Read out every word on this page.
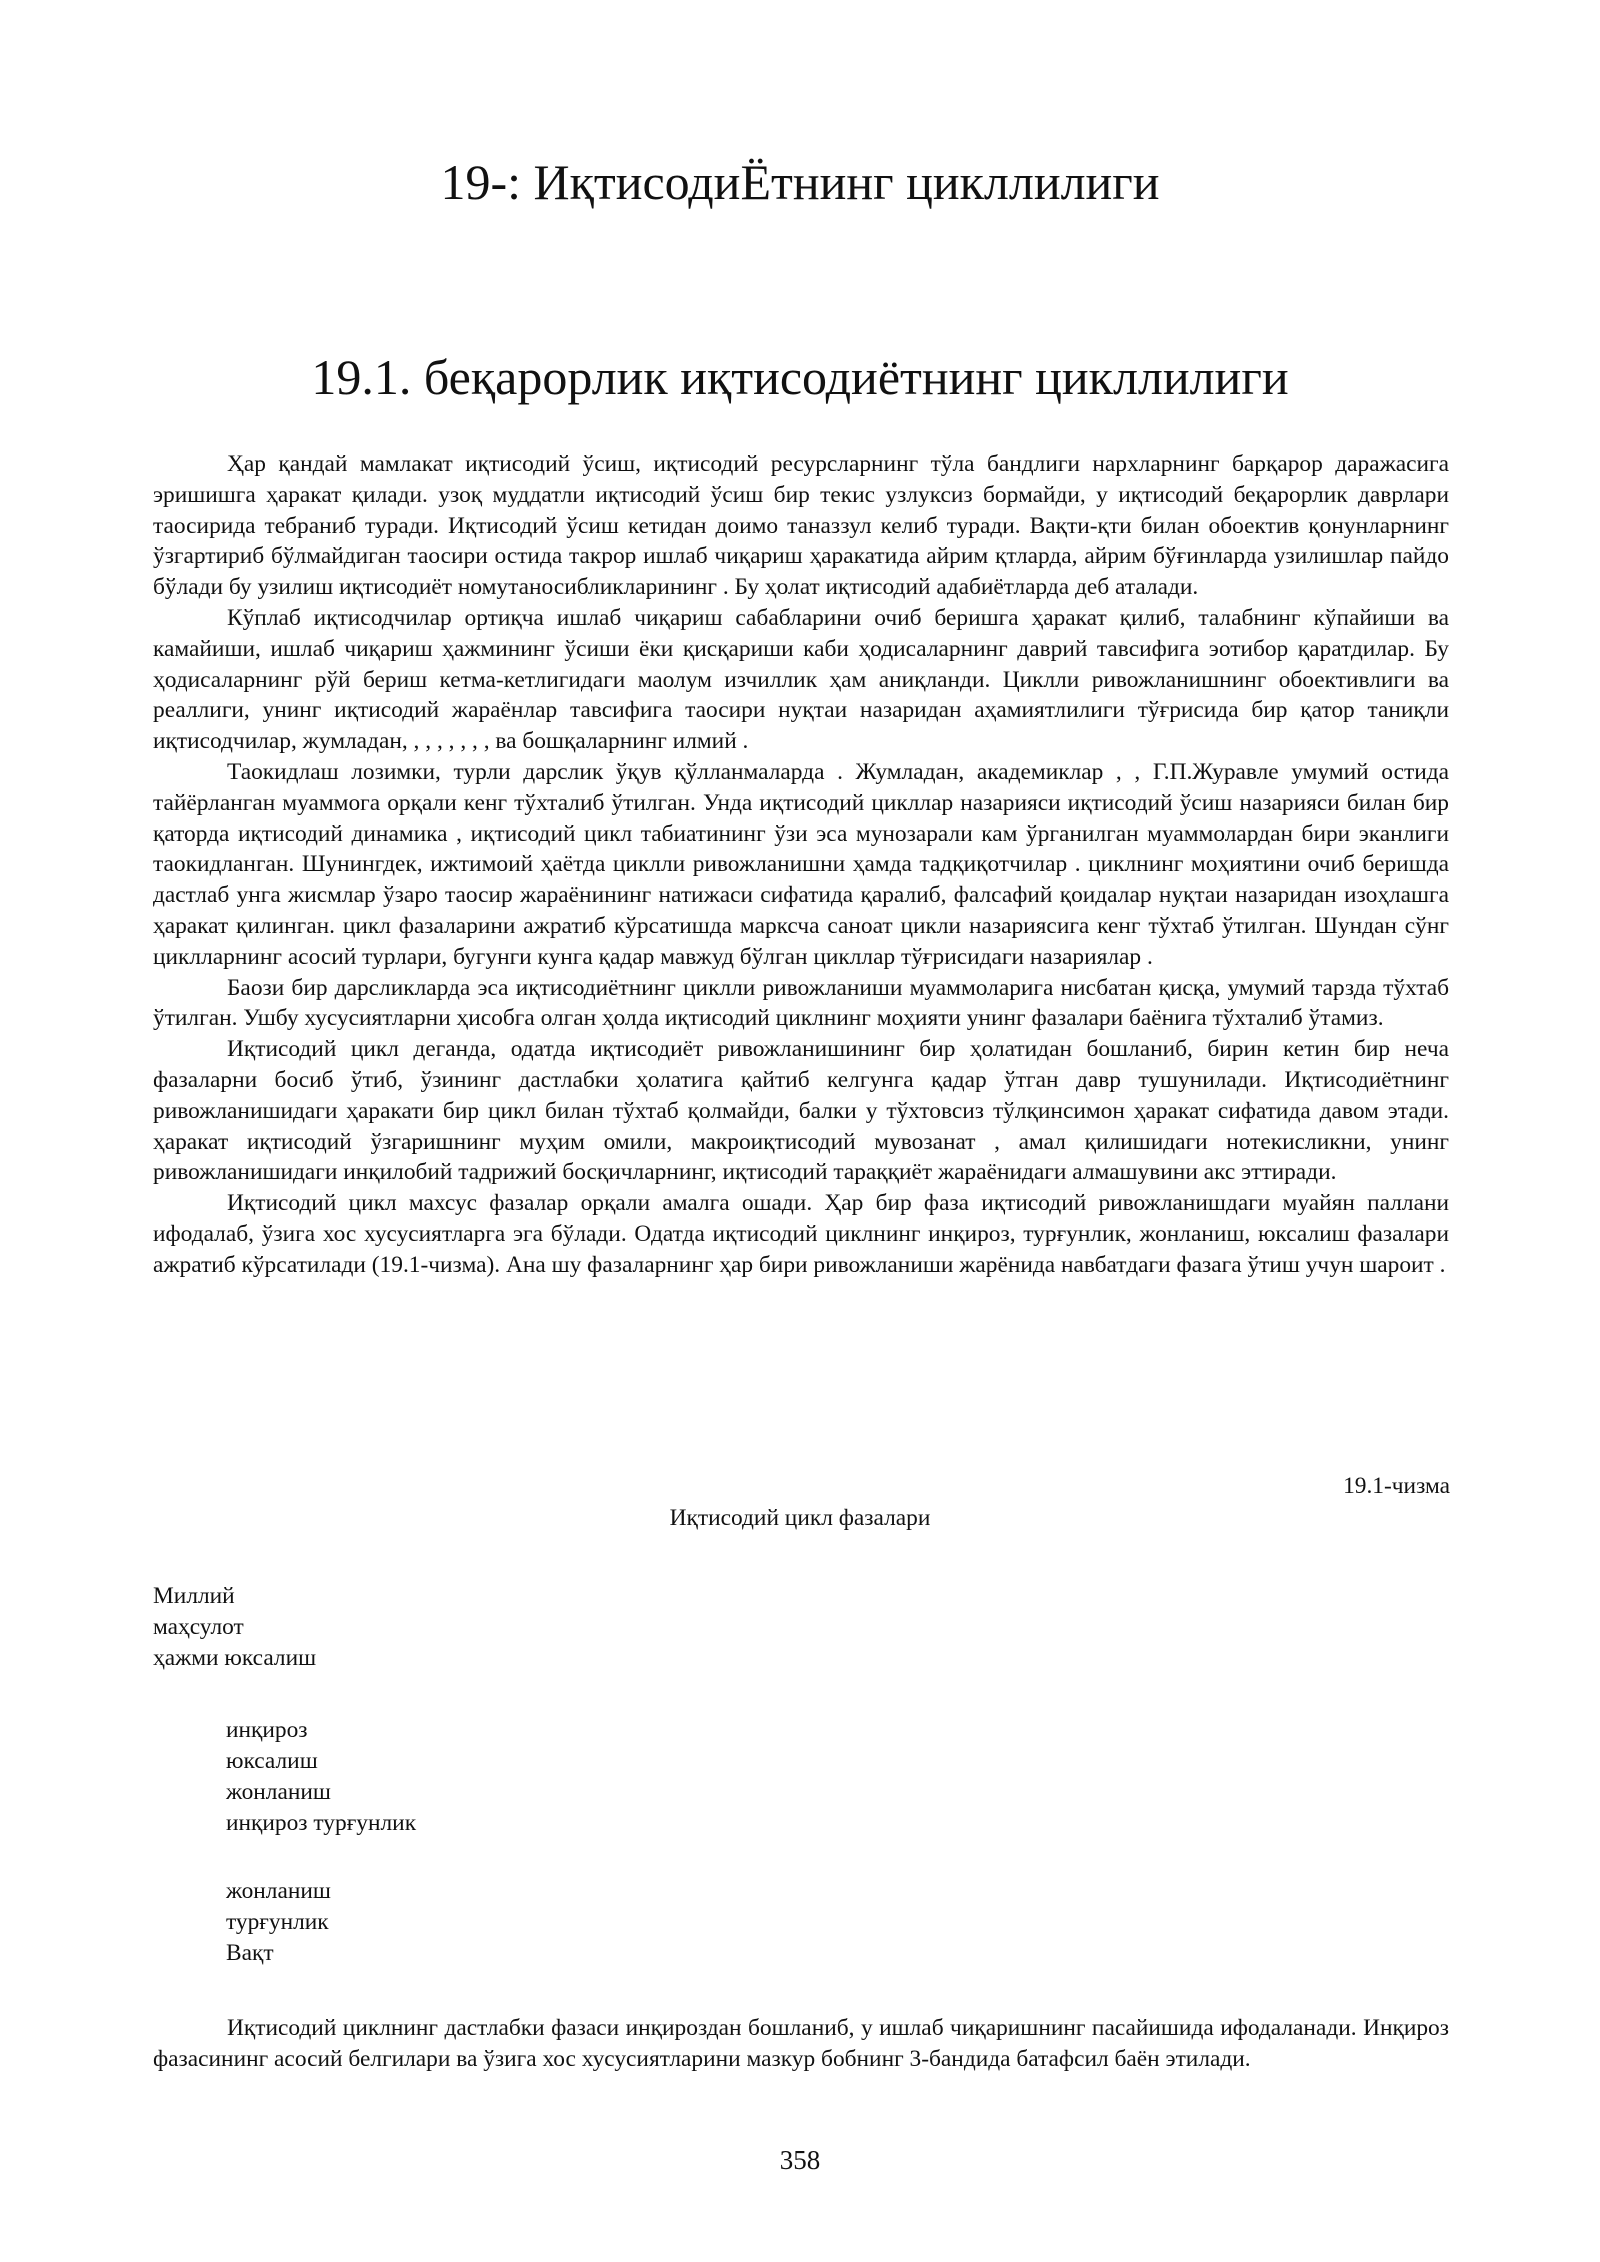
19-: ИқтисодиЁтнинг цикллилиги
19.1. беқарорлик иқтисодиётнинг цикллилиги

Ҳар қандай мамлакат иқтисодий ўсиш, иқтисодий ресурсларнинг тўла бандлиги нархларнинг барқарор даражасига эришишга ҳаракат қилади. узоқ муддатли иқтисодий ўсиш бир текис узлуксиз бормайди, у иқтисодий беқарорлик даврлари таосирида тебраниб туради. Иқтисодий ўсиш кетидан доимо таназзул келиб туради. Вақти-қти билан обоектив қонунларнинг ўзгартириб бўлмайдиган таосири остида такрор ишлаб чиқариш ҳаракатида айрим қтларда, айрим бўғинларда узилишлар пайдо бўлади бу узилиш иқтисодиёт номутаносибликларининг . Бу ҳолат иқтисодий адабиётларда деб аталади.

Кўплаб иқтисодчилар ортиқча ишлаб чиқариш сабабларини очиб беришга ҳаракат қилиб, талабнинг кўпайиши ва камайиши, ишлаб чиқариш ҳажмининг ўсиши ёки қисқариши каби ҳодисаларнинг даврий тавсифига эотибор қаратдилар. Бу ҳодисаларнинг рўй бериш кетма-кетлигидаги маолум изчиллик ҳам аниқланди. Циклли ривожланишнинг обоективлиги ва реаллиги, унинг иқтисодий жараёнлар тавсифига таосири нуқтаи назаридан аҳамиятлилиги тўғрисида бир қатор таниқли иқтисодчилар, жумладан, , , , , , , , ва бошқаларнинг илмий .

Таокидлаш лозимки, турли дарслик ўқув қўлланмаларда . Жумладан, академиклар , , Г.П.Журавле умумий остида тайёрланган муаммога орқали кенг тўхталиб ўтилган. Унда иқтисодий цикллар назарияси иқтисодий ўсиш назарияси билан бир қаторда иқтисодий динамика , иқтисодий цикл табиатининг ўзи эса мунозарали кам ўрганилган муаммолардан бири эканлиги таокидланган. Шунингдек, ижтимоий ҳаётда циклли ривожланишни ҳамда тадқиқотчилар . циклнинг моҳиятини очиб беришда дастлаб унга жисмлар ўзаро таосир жараёнининг натижаси сифатида қаралиб, фалсафий қоидалар нуқтаи назаридан изоҳлашга ҳаракат қилинган. цикл фазаларини ажратиб кўрсатишда марксча саноат цикли назариясига кенг тўхтаб ўтилган. Шундан сўнг циклларнинг асосий турлари, бугунги кунга қадар мавжуд бўлган цикллар тўғрисидаги назариялар .

Баози бир дарсликларда эса иқтисодиётнинг циклли ривожланиши муаммоларига нисбатан қисқа, умумий тарзда тўхтаб ўтилган. Ушбу хусусиятларни ҳисобга олган ҳолда иқтисодий циклнинг моҳияти унинг фазалари баёнига тўхталиб ўтамиз.

Иқтисодий цикл деганда, одатда иқтисодиёт ривожланишининг бир ҳолатидан бошланиб, бирин кетин бир неча фазаларни босиб ўтиб, ўзининг дастлабки ҳолатига қайтиб келгунга қадар ўтган давр тушунилади. Иқтисодиётнинг ривожланишидаги ҳаракати бир цикл билан тўхтаб қолмайди, балки у тўхтовсиз тўлқинсимон ҳаракат сифатида давом этади. ҳаракат иқтисодий ўзгаришнинг муҳим омили, макроиқтисодий мувозанат , амал қилишидаги нотекисликни, унинг ривожланишидаги инқилобий тадрижий босқичларнинг, иқтисодий тараққиёт жараёнидаги алмашувини акс эттиради.

Иқтисодий цикл махсус фазалар орқали амалга ошади. Ҳар бир фаза иқтисодий ривожланишдаги муайян паллани ифодалаб, ўзига хос хусусиятларга эга бўлади. Одатда иқтисодий циклнинг инқироз, турғунлик, жонланиш, юксалиш фазалари ажратиб кўрсатилади (19.1-чизма). Ана шу фазаларнинг ҳар бири ривожланиши жарёнида навбатдаги фазага ўтиш учун шароит .

19.1-чизма
Иқтисодий цикл фазалари
Миллий
маҳсулот
ҳажми юксалиш
инқироз
юксалиш
жонланиш
инқироз турғунлик
жонланиш
турғунлик
Вақт

Иқтисодий циклнинг дастлабки фазаси инқироздан бошланиб, у ишлаб чиқаришнинг пасайишида ифодаланади. Инқироз фазасининг асосий белгилари ва ўзига хос хусусиятларини мазкур бобнинг 3-бандида батафсил баён этилади.

358
